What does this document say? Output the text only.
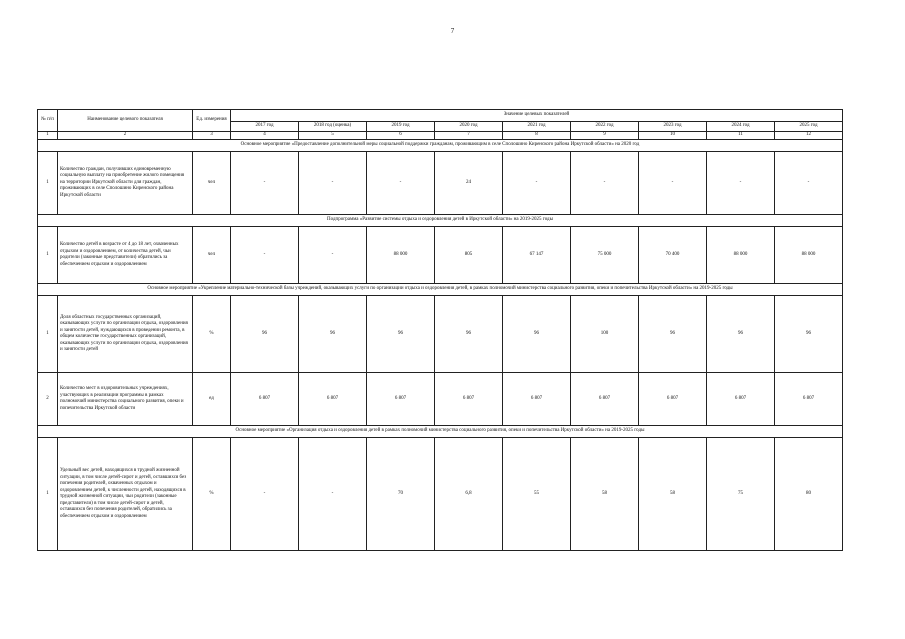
7
№ п/п	Наименование целевого показателя	Ед. измерения	Значение целевых показателей								
			2017 год	2018 год (оценка)	2019 год	2020 год	2021 год	2022 год	2023 год	2024 год	2025 год
1	2	3	4	5	6	7	8	9	10	11	12
Основное мероприятие «Предоставление дополнительной меры социальной поддержки гражданам, проживающим в селе Сполошино Киренского района Иркутской области» на 2020 год											
1	Количество граждан, получивших единовременную социальную выплату на приобретение жилого помещения на территории Иркутской области для граждан, проживающих в селе Сполошино Киренского района Иркутской области	чел	-	-	-	24	-	-	-	-	-
Подпрограмма «Развитие системы отдыха и оздоровления детей в Иркутской области» на 2019-2025 годы											
1	Количество детей в возрасте от 4 до 18 лет, охваченных отдыхом и оздоровлением, от количества детей, чьи родители (законные представители) обратились за обеспечением отдыхом и оздоровлением	чел	-	-	88 000	805	67 147	75 000	70 400	88 000	88 000
Основное мероприятие «Укрепление материально-технической базы учреждений, оказывающих услуги по организации отдыха и оздоровления детей, в рамках полномочий министерства социального развития, опеки и попечительства Иркутской области» на 2019-2025 годы											
1	Доля областных государственных организаций, оказывающих услуги по организации отдыха, оздоровления и занятости детей, нуждающихся в проведении ремонта, в общем количестве государственных организаций, оказывающих услуги по организации отдыха, оздоровления и занятости детей	%	96	96	96	96	96	100	96	96	96
2	Количество мест в оздоровительных учреждениях, участвующих в реализации программы в рамках полномочий министерства социального развития, опеки и попечительства Иркутской области	ед	6 807	6 807	6 807	6 807	6 807	6 807	6 807	6 807	6 807
Основное мероприятие «Организация отдыха и оздоровления детей в рамках полномочий министерства социального развития, опеки и попечительства Иркутской области» на 2019-2025 годы											
1	Удельный вес детей, находящихся в трудной жизненной ситуации, в том числе детей-сирот и детей, оставшихся без попечения родителей, охваченных отдыхом и оздоровлением детей, к численности детей, находящихся в трудной жизненной ситуации, чьи родители (законные представители) в том числе детей-сирот и детей, оставшихся без попечения родителей, обратились за обеспечением отдыхом и оздоровлением	%	-	-	70	6,8	55	58	58	75	80
